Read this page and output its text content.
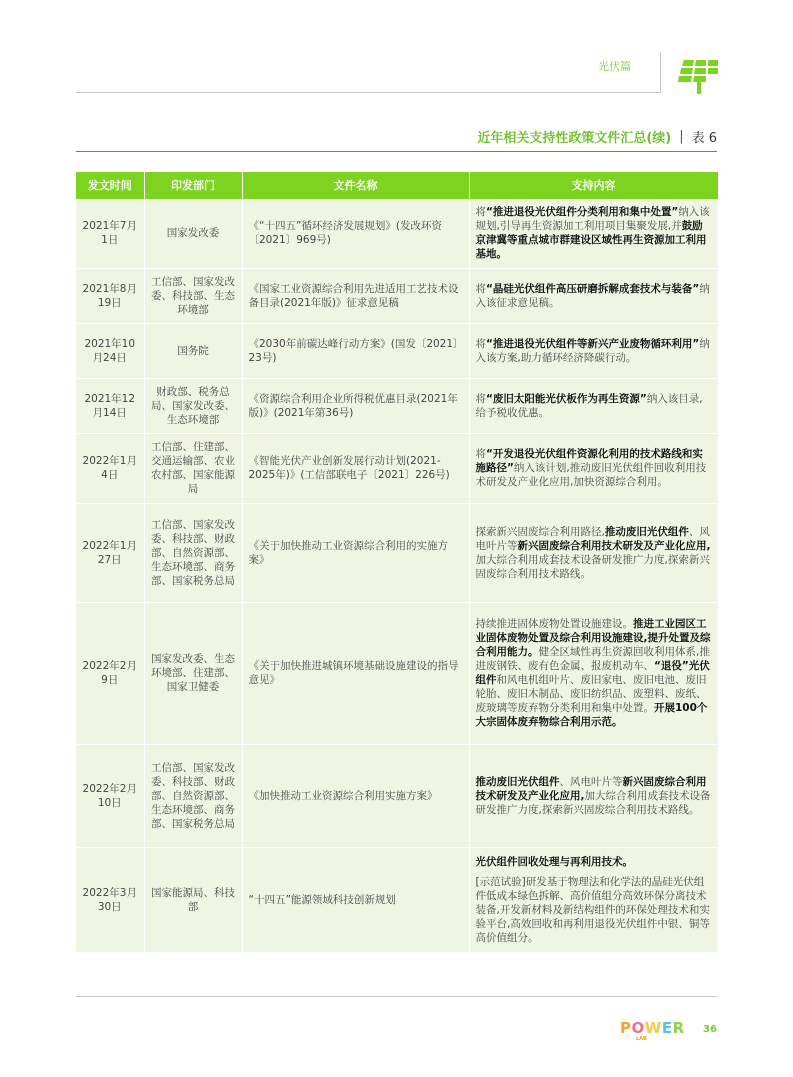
光伏篇
近年相关支持性政策文件汇总(续) | 表 6
发文时间	印发部门	文件名称	支持内容
2021年7月1日	国家发改委	《“十四五”循环经济发展规划》(发改环资〔2021〕969号)	将“推进退役光伏组件分类利用和集中处置”纳入该规划,引导再生资源加工利用项目集聚发展,并鼓励京津冀等重点城市群建设区域性再生资源加工利用基地。
2021年8月19日	工信部、国家发改委、科技部、生态环境部	《国家工业资源综合利用先进适用工艺技术设备目录(2021年版)》征求意见稿	将“晶硅光伏组件高压研磨拆解成套技术与装备”纳入该征求意见稿。
2021年10月24日	国务院	《2030年前碳达峰行动方案》(国发〔2021〕23号)	将“推进退役光伏组件等新兴产业废物循环利用”纳入该方案,助力循环经济降碳行动。
2021年12月14日	财政部、税务总局、国家发改委、生态环境部	《资源综合利用企业所得税优惠目录(2021年版)》(2021年第36号)	将“废旧太阳能光伏板作为再生资源”纳入该目录,给予税收优惠。
2022年1月4日	工信部、住建部、交通运输部、农业农村部、国家能源局	《智能光伏产业创新发展行动计划(2021-2025年)》(工信部联电子〔2021〕226号)	将“开发退役光伏组件资源化利用的技术路线和实施路径”纳入该计划,推动废旧光伏组件回收利用技术研发及产业化应用,加快资源综合利用。
2022年1月27日	工信部、国家发改委、科技部、财政部、自然资源部、生态环境部、商务部、国家税务总局	《关于加快推动工业资源综合利用的实施方案》	探索新兴固废综合利用路径,推动废旧光伏组件、风电叶片等新兴固废综合利用技术研发及产业化应用,加大综合利用成套技术设备研发推广力度,探索新兴固废综合利用技术路线。
2022年2月9日	国家发改委、生态环境部、住建部、国家卫健委	《关于加快推进城镇环境基础设施建设的指导意见》	持续推进固体废物处置设施建设。推进工业园区工业固体废物处置及综合利用设施建设,提升处置及综合利用能力。健全区域性再生资源回收利用体系,推进废钢铁、废有色金属、报废机动车、“退役”光伏组件和风电机组叶片、废旧家电、废旧电池、废旧轮胎、废旧木制品、废旧纺织品、废塑料、废纸、废玻璃等废弃物分类利用和集中处置。开展100个大宗固体废弃物综合利用示范。
2022年2月10日	工信部、国家发改委、科技部、财政部、自然资源部、生态环境部、商务部、国家税务总局	《加快推动工业资源综合利用实施方案》	推动废旧光伏组件、风电叶片等新兴固废综合利用技术研发及产业化应用,加大综合利用成套技术设备研发推广力度,探索新兴固废综合利用技术路线。
2022年3月30日	国家能源局、科技部	“十四五”能源领域科技创新规划	光伏组件回收处理与再利用技术。
[示范试验]研发基于物理法和化学法的晶硅光伏组件低成本绿色拆解、高价值组分高效环保分离技术装备,开发新材料及新结构组件的环保处理技术和实验平台,高效回收和再利用退役光伏组件中银、铜等高价值组分。
POWER
LAB
36
